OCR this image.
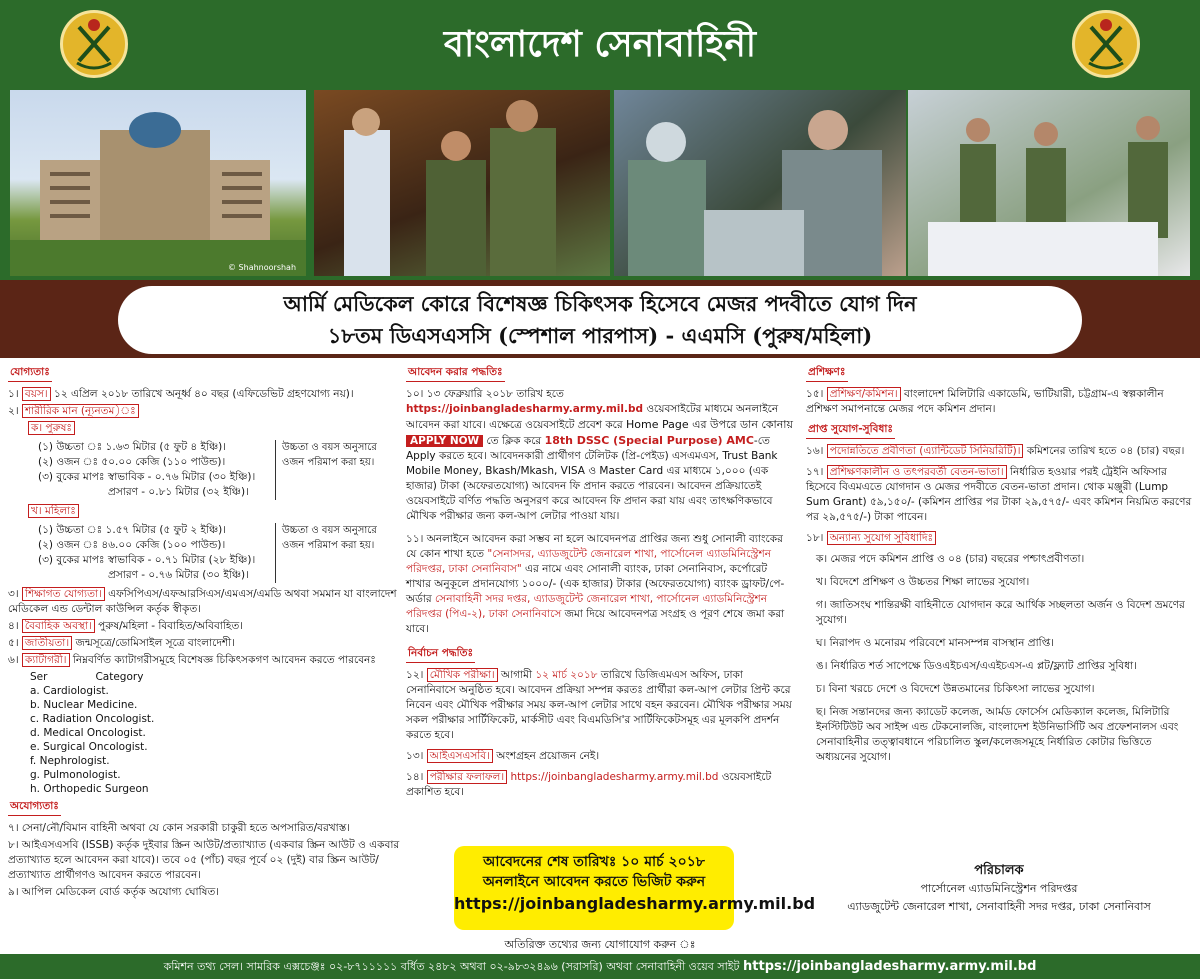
বাংলাদেশ সেনাবাহিনী
© Shahnoorshah
আর্মি মেডিকেল কোরে বিশেষজ্ঞ চিকিৎসক হিসেবে মেজর পদবীতে যোগ দিন
১৮তম ডিএসএসসি (স্পেশাল পারপাস) - এএমসি (পুরুষ/মহিলা)
যোগ্যতাঃ
১। বয়স। ১২ এপ্রিল ২০১৮ তারিখে অনূর্ধ্ব ৪০ বছর (এফিডেভিট গ্রহণযোগ্য নয়)।
২। শারীরিক মান (ন্যূনতম)ঃ
ক। পুরুষঃ
(১) উচ্চতা ঃ ১.৬৩ মিটার (৫ ফুট ৪ ইঞ্চি)।
(২) ওজন ঃ ৫০.০০ কেজি (১১০ পাউন্ড)।
(৩) বুকের মাপঃ স্বাভাবিক - ০.৭৬ মিটার (৩০ ইঞ্চি)।
প্রসারণ - ০.৮১ মিটার (৩২ ইঞ্চি)।
উচ্চতা ও বয়স অনুসারে ওজন পরিমাপ করা হয়।
খ। মহিলাঃ
(১) উচ্চতা ঃ ১.৫৭ মিটার (৫ ফুট ২ ইঞ্চি)।
(২) ওজন ঃ ৪৬.০০ কেজি (১০০ পাউন্ড)।
(৩) বুকের মাপঃ স্বাভাবিক - ০.৭১ মিটার (২৮ ইঞ্চি)।
প্রসারণ - ০.৭৬ মিটার (৩০ ইঞ্চি)।
উচ্চতা ও বয়স অনুসারে ওজন পরিমাপ করা হয়।
৩। শিক্ষাগত যোগ্যতা। এফসিপিএস/এফআরসিএস/এমএস/এমডি অথবা সমমান যা বাংলাদেশ মেডিকেল এন্ড ডেন্টাল কাউন্সিল কর্তৃক স্বীকৃত।
৪। বৈবাহিক অবস্থা। পুরুষ/মহিলা - বিবাহিত/অবিবাহিত।
৫। জাতীয়তা। জন্মসূত্রে/ডোমিসাইল সূত্রে বাংলাদেশী।
৬। ক্যাটাগরী। নিম্নবর্ণিত ক্যাটাগরীসমূহে বিশেষজ্ঞ চিকিৎসকগণ আবেদন করতে পারবেনঃ
Ser	Category
a. Cardiologist.
b. Nuclear Medicine.
c. Radiation Oncologist.
d. Medical Oncologist.
e. Surgical Oncologist.
f. Nephrologist.
g. Pulmonologist.
h. Orthopedic Surgeon
অযোগ্যতাঃ
৭। সেনা/নৌ/বিমান বাহিনী অথবা যে কোন সরকারী চাকুরী হতে অপসারিত/বরখাস্ত।
৮। আইএসএসবি (ISSB) কর্তৃক দুইবার স্ক্রিন আউট/প্রত্যাখ্যাত (একবার স্ক্রিন আউট ও একবার প্রত্যাখ্যাত হলে আবেদন করা যাবে)। তবে ০৫ (পাঁচ) বছর পূর্বে ০২ (দুই) বার স্ক্রিন আউট/প্রত্যাখ্যাত প্রার্থীগণও আবেদন করতে পারবেন।
৯। আপিল মেডিকেল বোর্ড কর্তৃক অযোগ্য ঘোষিত।
আবেদন করার পদ্ধতিঃ
১০। ১৩ ফেব্রুয়ারি ২০১৮ তারিখ হতে https://joinbangladesharmy.army.mil.bd ওয়েবসাইটের মাধ্যমে অনলাইনে আবেদন করা যাবে। এক্ষেত্রে ওয়েবসাইটে প্রবেশ করে Home Page এর উপরে ডান কোনায় APPLY NOW তে ক্লিক করে 18th DSSC (Special Purpose) AMC-তে Apply করতে হবে। আবেদনকারী প্রার্থীগণ টেলিটক (প্রি-পেইড) এসএমএস, Trust Bank Mobile Money, Bkash/Mkash, VISA ও Master Card এর মাধ্যমে ১,০০০ (এক হাজার) টাকা (অফেরতযোগ্য) আবেদন ফি প্রদান করতে পারবেন। আবেদন প্রক্রিয়াতেই ওয়েবসাইটে বর্ণিত পদ্ধতি অনুসরণ করে আবেদন ফি প্রদান করা যায় এবং তাৎক্ষণিকভাবে মৌখিক পরীক্ষার জন্য কল-আপ লেটার পাওয়া যায়।
১১। অনলাইনে আবেদন করা সম্ভব না হলে আবেদনপত্র প্রাপ্তির জন্য শুধু সোনালী ব্যাংকের যে কোন শাখা হতে "সেনাসদর, এ্যাডজুটেন্ট জেনারেল শাখা, পার্সোনেল এ্যাডমিনিস্ট্রেশন পরিদপ্তর, ঢাকা সেনানিবাস" এর নামে এবং সোনালী ব্যাংক, ঢাকা সেনানিবাস, কর্পোরেট শাখার অনুকূলে প্রদানযোগ্য ১০০০/- (এক হাজার) টাকার (অফেরতযোগ্য) ব্যাংক ড্রাফট/পে-অর্ডার সেনাবাহিনী সদর দপ্তর, এ্যাডজুটেন্ট জেনারেল শাখা, পার্সোনেল এ্যাডমিনিস্ট্রেশন পরিদপ্তর (পিএ-২), ঢাকা সেনানিবাসে জমা দিয়ে আবেদনপত্র সংগ্রহ ও পূরণ শেষে জমা করা যাবে।
নির্বাচন পদ্ধতিঃ
১২। মৌখিক পরীক্ষা। আগামী ১২ মার্চ ২০১৮ তারিখে ডিজিএমএস অফিস, ঢাকা সেনানিবাসে অনুষ্ঠিত হবে। আবেদন প্রক্রিয়া সম্পন্ন করতঃ প্রার্থীরা কল-আপ লেটার প্রিন্ট করে নিবেন এবং মৌখিক পরীক্ষার সময় কল-আপ লেটার সাথে বহন করবেন। মৌখিক পরীক্ষার সময় সকল পরীক্ষার সার্টিফিকেট, মার্কসীট এবং বিএমডিসি'র সার্টিফিকেটসমূহ এর মূলকপি প্রদর্শন করতে হবে।
১৩। আইএসএসবি। অংশগ্রহন প্রয়োজন নেই।
১৪। পরীক্ষার ফলাফল। https://joinbangladesharmy.army.mil.bd ওয়েবসাইটে প্রকাশিত হবে।
প্রশিক্ষণঃ
১৫। প্রশিক্ষণ/কমিশন। বাংলাদেশ মিলিটারি একাডেমি, ভাটিয়ারী, চট্টগ্রাম-এ স্বল্পকালীন প্রশিক্ষণ সমাপনান্তে মেজর পদে কমিশন প্রদান।
প্রাপ্ত সুযোগ-সুবিধাঃ
১৬। পদোন্নতিতে প্রবীণতা (এ্যান্টিডেট সিনিয়রিটি)। কমিশনের তারিখ হতে ০৪ (চার) বছর।
১৭। প্রশিক্ষণকালীন ও তৎপরবর্তী বেতন-ভাতা। নির্ধারিত হওয়ার পরই ট্রেইনি অফিসার হিসেবে বিএমএতে যোগদান ও মেজর পদবীতে বেতন-ভাতা প্রদান। থোক মঞ্জুরী (Lump Sum Grant) ৫৯,১৫০/- (কমিশন প্রাপ্তির পর টাকা ২৯,৫৭৫/- এবং কমিশন নিয়মিত করণের পর ২৯,৫৭৫/-) টাকা পাবেন।
১৮। অন্যান্য সুযোগ সুবিধাদিঃ
ক। মেজর পদে কমিশন প্রাপ্তি ও ০৪ (চার) বছরের পশ্চাৎপ্রবীণতা।
খ। বিদেশে প্রশিক্ষণ ও উচ্চতর শিক্ষা লাভের সুযোগ।
গ। জাতিসংঘ শান্তিরক্ষী বাহিনীতে যোগদান করে আর্থিক সচ্ছলতা অর্জন ও বিদেশ ভ্রমণের সুযোগ।
ঘ। নিরাপদ ও মনোরম পরিবেশে মানসম্পন্ন বাসস্থান প্রাপ্তি।
ঙ। নির্ধারিত শর্ত সাপেক্ষে ডিওএইচএস/এএইচএস-এ প্লট/ফ্ল্যাট প্রাপ্তির সুবিধা।
চ। বিনা খরচে দেশে ও বিদেশে উন্নতমানের চিকিৎসা লাভের সুযোগ।
ছ। নিজ সন্তানদের জন্য ক্যাডেট কলেজ, আর্মড ফোর্সেস মেডিক্যাল কলেজ, মিলিটারি ইনস্টিটিউট অব সাইন্স এন্ড টেকনোলজি, বাংলাদেশ ইউনিভার্সিটি অব প্রফেশনালস এবং সেনাবাহিনীর তত্ত্বাবধানে পরিচালিত স্কুল/কলেজসমূহে নির্ধারিত কোটার ভিত্তিতে অধ্যয়নের সুযোগ।
আবেদনের শেষ তারিখঃ ১০ মার্চ ২০১৮
অনলাইনে আবেদন করতে ভিজিট করুন
https://joinbangladesharmy.army.mil.bd
পরিচালক
পার্সোনেল এ্যাডমিনিস্ট্রেশন পরিদপ্তর
এ্যাডজুটেন্ট জেনারেল শাখা, সেনাবাহিনী সদর দপ্তর, ঢাকা সেনানিবাস
অতিরিক্ত তথ্যের জন্য যোগাযোগ করুন ঃ
কমিশন তথ্য সেল। সামরিক এক্সচেঞ্জঃ ০২-৮৭১১১১১ বর্ধিত ২৪৮২ অথবা ০২-৯৮৩২৪৯৬ (সরাসরি) অথবা সেনাবাহিনী ওয়েব সাইট https://joinbangladesharmy.army.mil.bd
